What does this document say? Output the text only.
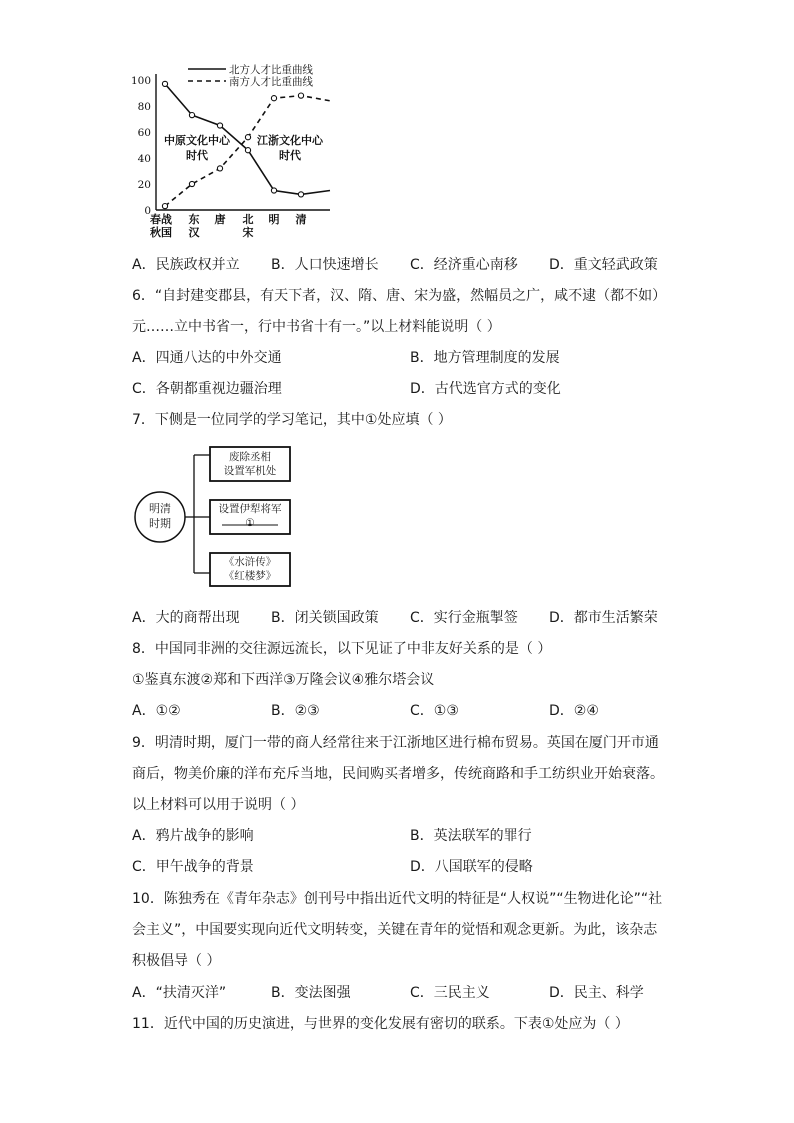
0
20
40
60
80
100
春战
秋国
东
汉
唐 北
宋
明 清
北方人才比重曲线
南方人才比重曲线
中原文化中心
时代
江浙文化中心
时代
A．民族政权并立 B．人口快速增长 C．经济重心南移 D．重文轻武政策
6．“自封建变郡县，有天下者，汉、隋、唐、宋为盛，然幅员之广，咸不逮（都不如）
元……立中书省一，行中书省十有一。”以上材料能说明（ ）
A．四通八达的中外交通	B．地方管理制度的发展
C．各朝都重视边疆治理	D．古代选官方式的变化
7．下侧是一位同学的学习笔记，其中①处应填（ ）
明清
时期
废除丞相
设置军机处
设置伊犁将军
①
《水浒传》
《红楼梦》
A．大的商帮出现 B．闭关锁国政策 C．实行金瓶掣签 D．都市生活繁荣
8．中国同非洲的交往源远流长，以下见证了中非友好关系的是（ ）
①鉴真东渡②郑和下西洋③万隆会议④雅尔塔会议
A．①②	B．②③	C．①③	D．②④
9．明清时期，厦门一带的商人经常往来于江浙地区进行棉布贸易。英国在厦门开市通
商后，物美价廉的洋布充斥当地，民间购买者增多，传统商路和手工纺织业开始衰落。
以上材料可以用于说明（ ）
A．鸦片战争的影响	B．英法联军的罪行
C．甲午战争的背景	D．八国联军的侵略
10．陈独秀在《青年杂志》创刊号中指出近代文明的特征是“人权说”“生物进化论”“社
会主义”，中国要实现向近代文明转变，关键在青年的觉悟和观念更新。为此，该杂志
积极倡导（ ）
A．“扶清灭洋”	B．变法图强	C．三民主义	D．民主、科学
11．近代中国的历史演进，与世界的变化发展有密切的联系。下表①处应为（ ）
